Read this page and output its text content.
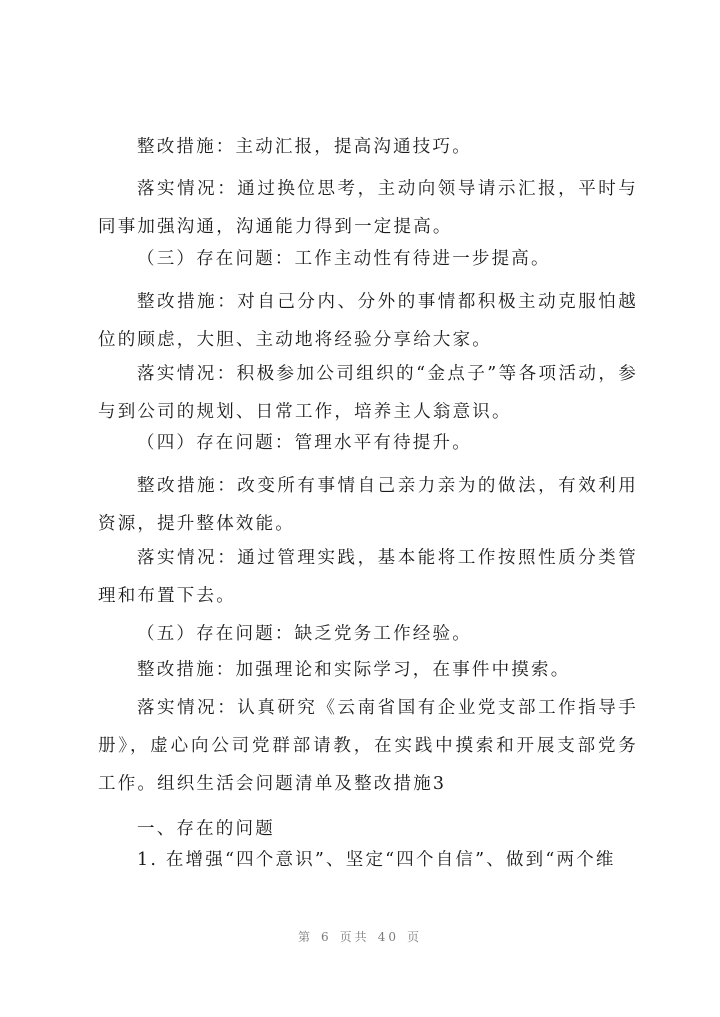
整改措施：主动汇报，提高沟通技巧。

落实情况：通过换位思考，主动向领导请示汇报，平时与同事加强沟通，沟通能力得到一定提高。

（三）存在问题：工作主动性有待进一步提高。

整改措施：对自己分内、分外的事情都积极主动克服怕越位的顾虑，大胆、主动地将经验分享给大家。

落实情况：积极参加公司组织的“金点子”等各项活动，参与到公司的规划、日常工作，培养主人翁意识。

（四）存在问题：管理水平有待提升。

整改措施：改变所有事情自己亲力亲为的做法，有效利用资源，提升整体效能。

落实情况：通过管理实践，基本能将工作按照性质分类管理和布置下去。

（五）存在问题：缺乏党务工作经验。

整改措施：加强理论和实际学习，在事件中摸索。

落实情况：认真研究《云南省国有企业党支部工作指导手册》，虚心向公司党群部请教，在实践中摸索和开展支部党务工作。组织生活会问题清单及整改措施3

一、存在的问题

1. 在增强“四个意识”、坚定“四个自信”、做到“两个维

第 6 页共 40 页
